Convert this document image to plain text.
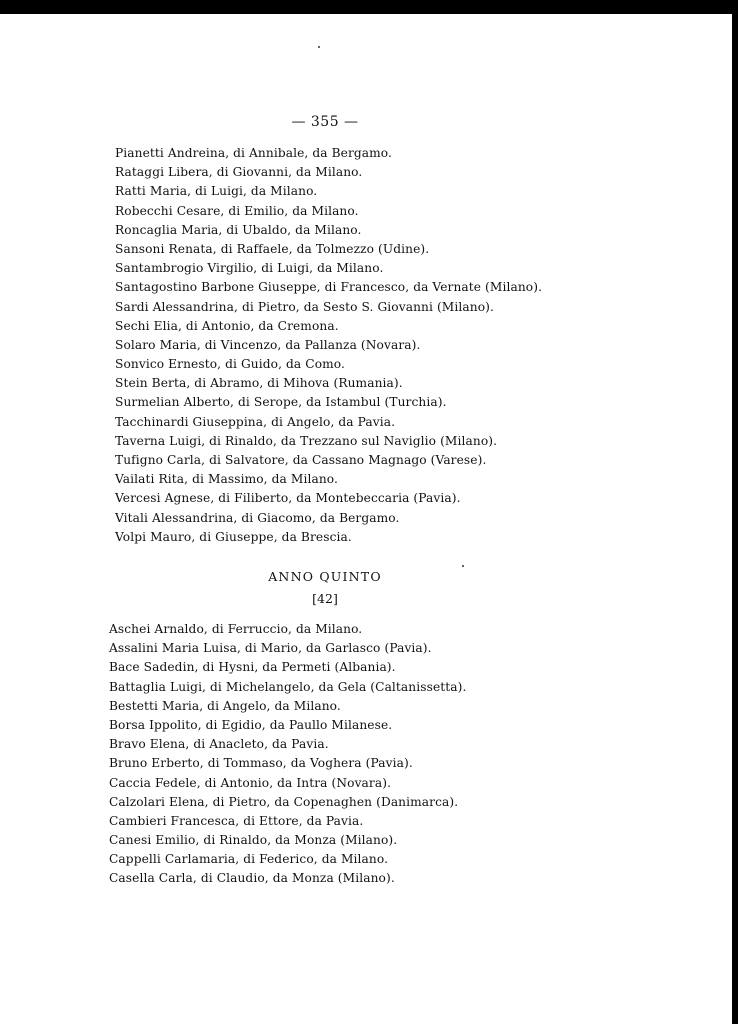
— 355 —
Pianetti Andreina, di Annibale, da Bergamo.
Rataggi Libera, di Giovanni, da Milano.
Ratti Maria, di Luigi, da Milano.
Robecchi Cesare, di Emilio, da Milano.
Roncaglia Maria, di Ubaldo, da Milano.
Sansoni Renata, di Raffaele, da Tolmezzo (Udine).
Santambrogio Virgilio, di Luigi, da Milano.
Santagostino Barbone Giuseppe, di Francesco, da Vernate (Milano).
Sardi Alessandrina, di Pietro, da Sesto S. Giovanni (Milano).
Sechi Elia, di Antonio, da Cremona.
Solaro Maria, di Vincenzo, da Pallanza (Novara).
Sonvico Ernesto, di Guido, da Como.
Stein Berta, di Abramo, di Mihova (Rumania).
Surmelian Alberto, di Serope, da Istambul (Turchia).
Tacchinardi Giuseppina, di Angelo, da Pavia.
Taverna Luigi, di Rinaldo, da Trezzano sul Naviglio (Milano).
Tufigno Carla, di Salvatore, da Cassano Magnago (Varese).
Vailati Rita, di Massimo, da Milano.
Vercesi Agnese, di Filiberto, da Montebeccaria (Pavia).
Vitali Alessandrina, di Giacomo, da Bergamo.
Volpi Mauro, di Giuseppe, da Brescia.
ANNO QUINTO
[42]
Aschei Arnaldo, di Ferruccio, da Milano.
Assalini Maria Luisa, di Mario, da Garlasco (Pavia).
Bace Sadedin, di Hysni, da Permeti (Albania).
Battaglia Luigi, di Michelangelo, da Gela (Caltanissetta).
Bestetti Maria, di Angelo, da Milano.
Borsa Ippolito, di Egidio, da Paullo Milanese.
Bravo Elena, di Anacleto, da Pavia.
Bruno Erberto, di Tommaso, da Voghera (Pavia).
Caccia Fedele, di Antonio, da Intra (Novara).
Calzolari Elena, di Pietro, da Copenaghen (Danimarca).
Cambieri Francesca, di Ettore, da Pavia.
Canesi Emilio, di Rinaldo, da Monza (Milano).
Cappelli Carlamaria, di Federico, da Milano.
Casella Carla, di Claudio, da Monza (Milano).
